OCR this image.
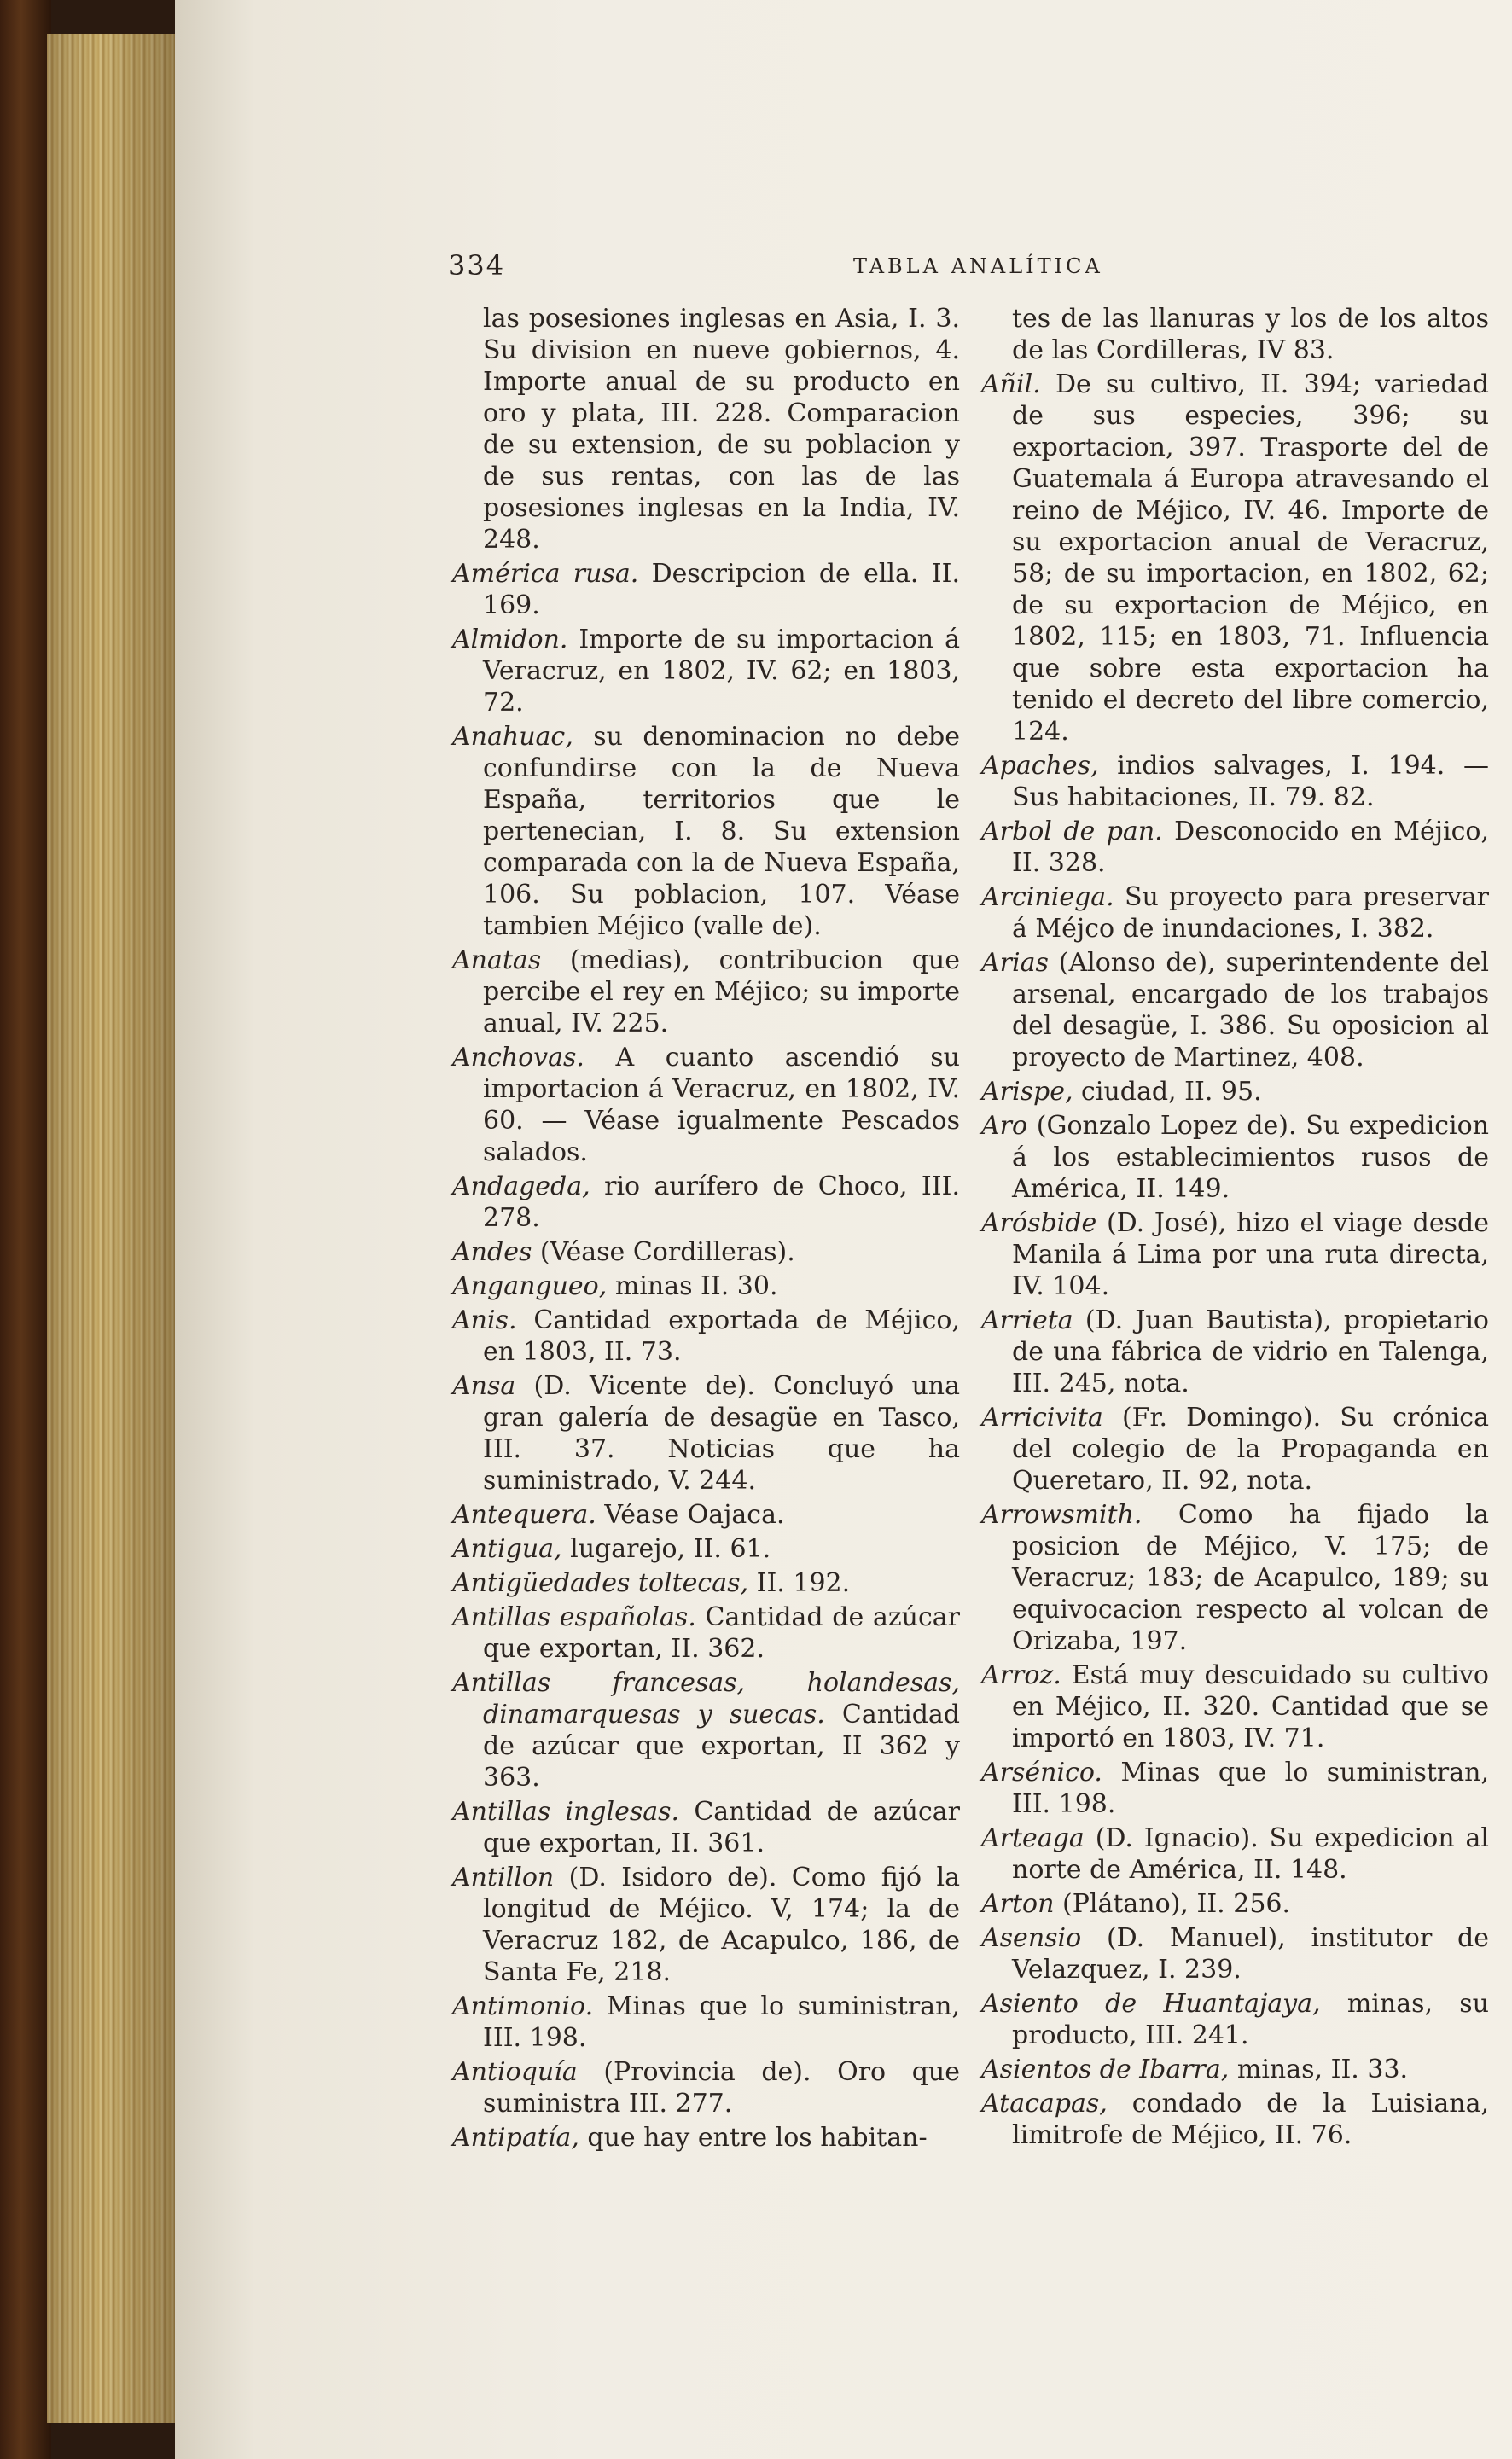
334	TABLA ANALÍTICA

las posesiones inglesas en Asia, I. 3. Su division en nueve gobiernos, 4. Importe anual de su producto en oro y plata, III. 228. Comparacion de su extension, de su poblacion y de sus rentas, con las de las posesiones inglesas en la India, IV. 248.

América rusa. Descripcion de ella. II. 169.

Almidon. Importe de su importacion á Veracruz, en 1802, IV. 62; en 1803, 72.

Anahuac, su denominacion no debe confundirse con la de Nueva España, territorios que le pertenecian, I. 8. Su extension comparada con la de Nueva España, 106. Su poblacion, 107. Véase tambien Méjico (valle de).

Anatas (medias), contribucion que percibe el rey en Méjico; su importe anual, IV. 225.

Anchovas. A cuanto ascendió su importacion á Veracruz, en 1802, IV. 60. — Véase igualmente Pescados salados.

Andageda, rio aurífero de Choco, III. 278.

Andes (Véase Cordilleras).

Angangueo, minas II. 30.

Anis. Cantidad exportada de Méjico, en 1803, II. 73.

Ansa (D. Vicente de). Concluyó una gran galería de desagüe en Tasco, III. 37. Noticias que ha suministrado, V. 244.

Antequera. Véase Oajaca.

Antigua, lugarejo, II. 61.

Antigüedades toltecas, II. 192.

Antillas españolas. Cantidad de azúcar que exportan, II. 362.

Antillas francesas, holandesas, dinamarquesas y suecas. Cantidad de azúcar que exportan, II 362 y 363.

Antillas inglesas. Cantidad de azúcar que exportan, II. 361.

Antillon (D. Isidoro de). Como fijó la longitud de Méjico. V, 174; la de Veracruz 182, de Acapulco, 186, de Santa Fe, 218.

Antimonio. Minas que lo suministran, III. 198.

Antioquía (Provincia de). Oro que suministra III. 277.

Antipatía, que hay entre los habitan-

tes de las llanuras y los de los altos de las Cordilleras, IV 83.

Añil. De su cultivo, II. 394; variedad de sus especies, 396; su exportacion, 397. Trasporte del de Guatemala á Europa atravesando el reino de Méjico, IV. 46. Importe de su exportacion anual de Veracruz, 58; de su importacion, en 1802, 62; de su exportacion de Méjico, en 1802, 115; en 1803, 71. Influencia que sobre esta exportacion ha tenido el decreto del libre comercio, 124.

Apaches, indios salvages, I. 194. — Sus habitaciones, II. 79. 82.

Arbol de pan. Desconocido en Méjico, II. 328.

Arciniega. Su proyecto para preservar á Méjco de inundaciones, I. 382.

Arias (Alonso de), superintendente del arsenal, encargado de los trabajos del desagüe, I. 386. Su oposicion al proyecto de Martinez, 408.

Arispe, ciudad, II. 95.

Aro (Gonzalo Lopez de). Su expedicion á los establecimientos rusos de América, II. 149.

Arósbide (D. José), hizo el viage desde Manila á Lima por una ruta directa, IV. 104.

Arrieta (D. Juan Bautista), propietario de una fábrica de vidrio en Talenga, III. 245, nota.

Arricivita (Fr. Domingo). Su crónica del colegio de la Propaganda en Queretaro, II. 92, nota.

Arrowsmith. Como ha fijado la posicion de Méjico, V. 175; de Veracruz; 183; de Acapulco, 189; su equivocacion respecto al volcan de Orizaba, 197.

Arroz. Está muy descuidado su cultivo en Méjico, II. 320. Cantidad que se importó en 1803, IV. 71.

Arsénico. Minas que lo suministran, III. 198.

Arteaga (D. Ignacio). Su expedicion al norte de América, II. 148.

Arton (Plátano), II. 256.

Asensio (D. Manuel), institutor de Velazquez, I. 239.

Asiento de Huantajaya, minas, su producto, III. 241.

Asientos de Ibarra, minas, II. 33.

Atacapas, condado de la Luisiana, limitrofe de Méjico, II. 76.
